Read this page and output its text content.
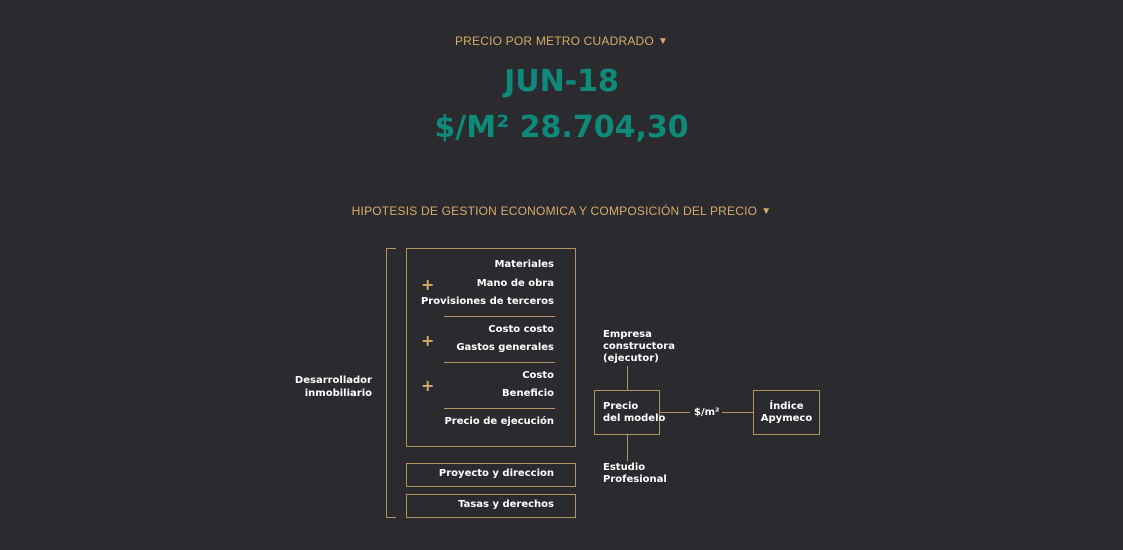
PRECIO POR METRO CUADRADO ▼
JUN-18
$/M² 28.704,30
HIPOTESIS DE GESTION ECONOMICA Y COMPOSICIÓN DEL PRECIO ▼
Desarrollador
inmobiliario
Materiales
Mano de obra
Provisiones de terceros
+
Costo costo
Gastos generales
+
Costo
Beneficio
+
Precio de ejecución
Proyecto y direccion
Tasas y derechos
Empresa
constructora
(ejecutor)
Precio
del modelo
Estudio
Profesional
$/m²
Índice
Apymeco
